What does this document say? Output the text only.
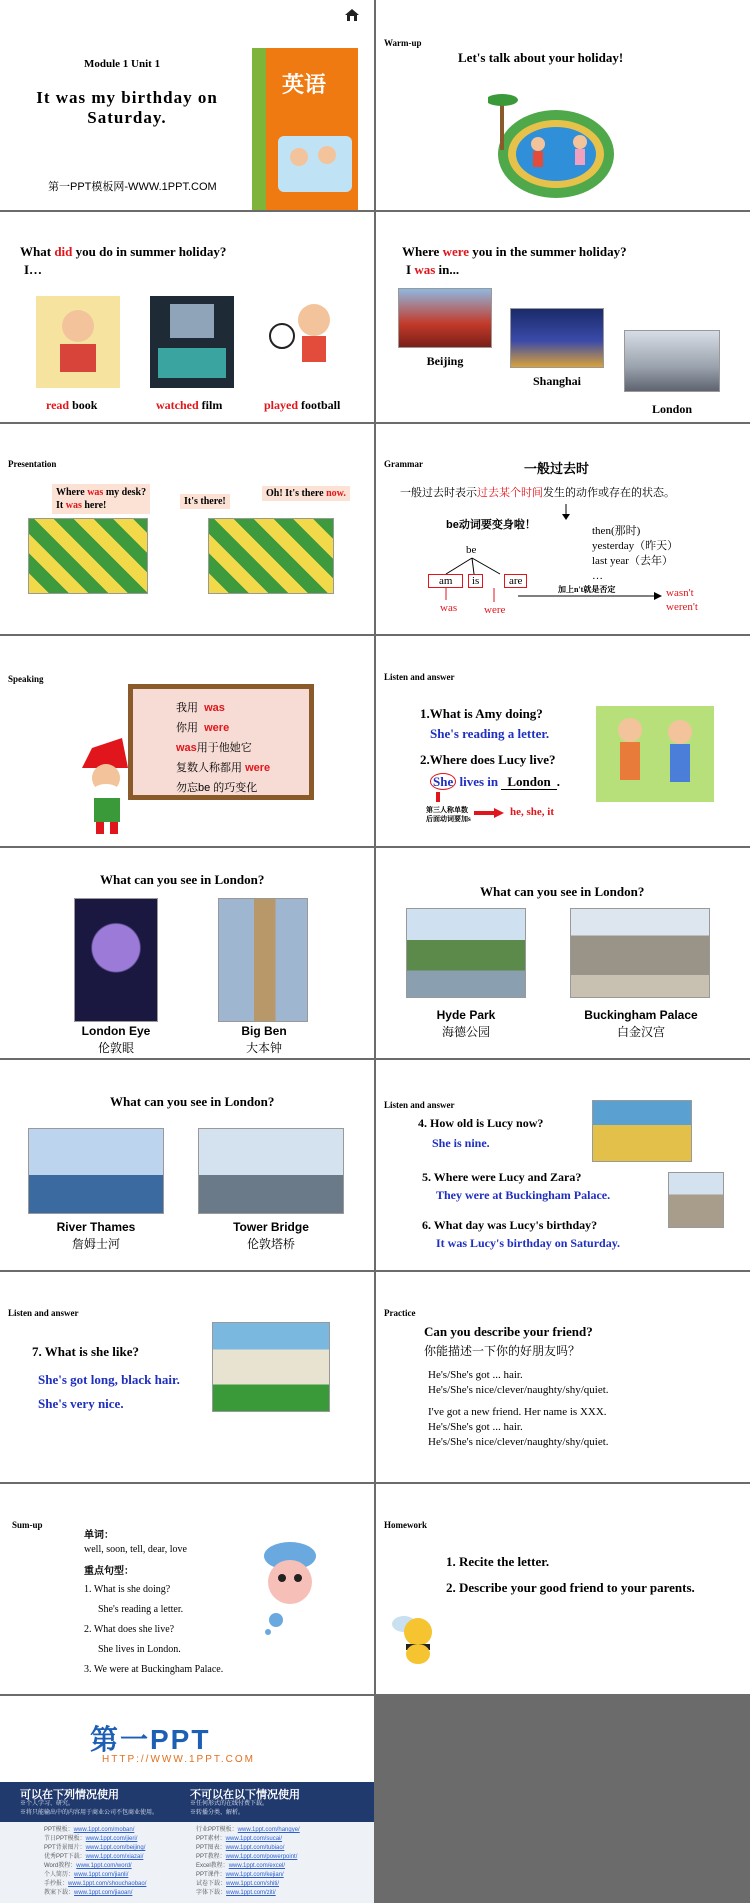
Module 1 Unit 1
It was my birthday on
Saturday.
第一PPT模板网-WWW.1PPT.COM
英语
Warm-up
Let's talk about your holiday!
What did you do in summer holiday?
I…
read book	watched film	played football
Where were you in the summer holiday?
I was in...
Beijing
Shanghai
London
Presentation
Where was my desk?
It was here!	It's there!
Oh! It's there now.
Grammar	一般过去时
一般过去时表示过去某个时间发生的动作或存在的状态。
be动词要变身啦！
be
am	is	are
was were
then(那时)
yesterday（昨天）
last year（去年）
…
加上n't就是否定	wasn't
weren't
Speaking
我用 was
你用 were
was用于他她它
复数人称都用 were
勿忘be 的巧变化
Listen and answer
1.What is Amy doing?
She's reading a letter.
2.Where does Lucy live?
She lives in London .
第三人称单数
后面动词要加s
he, she, it
What can you see in London?
London Eye
伦敦眼
Big Ben
大本钟
What can you see in London?
Hyde Park
海德公园
Buckingham Palace
白金汉宫
What can you see in London?
River Thames
詹姆士河
Tower Bridge
伦敦塔桥
Listen and answer
4. How old is Lucy now?
She is nine.
5. Where were Lucy and Zara?
They were at Buckingham Palace.
6. What day was Lucy's birthday?
It was Lucy's birthday on Saturday.
Listen and answer
7. What is she like?
She's got long, black hair.
She's very nice.
Practice
Can you describe your friend?
你能描述一下你的好朋友吗？
He's/She's got ... hair.
He's/She's nice/clever/naughty/shy/quiet.
I've got a new friend. Her name is XXX.
He's/She's got ... hair.
He's/She's nice/clever/naughty/shy/quiet.
Sum-up
单词：
well, soon, tell, dear, love
重点句型：
1. What is she doing?
She's reading a letter.
2. What does she live?
She lives in London.
3. We were at Buckingham Palace.
Homework
1. Recite the letter.
2. Describe your good friend to your parents.
第一PPT
HTTP://WWW.1PPT.COM
可以在下列情况使用	不可以在以下情况使用
※个人学习、研究。
※将只能输出中的内容用于商业公司不包商业使用。
※任何形式的在线付费下载。
※转播分类、解析。
PPT模板：www.1ppt.com/moban/
节日PPT模板：www.1ppt.com/jieri/
PPT背景图片：www.1ppt.com/beijing/
优秀PPT下载：www.1ppt.com/xiazai/
Word教程：www.1ppt.com/word/
个人简历：www.1ppt.com/jianli/
手抄报：www.1ppt.com/shouchaobao/
教案下载：www.1ppt.com/jiaoan/
行业PPT模板：www.1ppt.com/hangye/
PPT素材：www.1ppt.com/sucai/
PPT图表：www.1ppt.com/tubiao/
PPT教程：www.1ppt.com/powerpoint/
Excel教程：www.1ppt.com/excel/
PPT课件：www.1ppt.com/kejian/
试卷下载：www.1ppt.com/shiti/
字体下载：www.1ppt.com/ziti/
